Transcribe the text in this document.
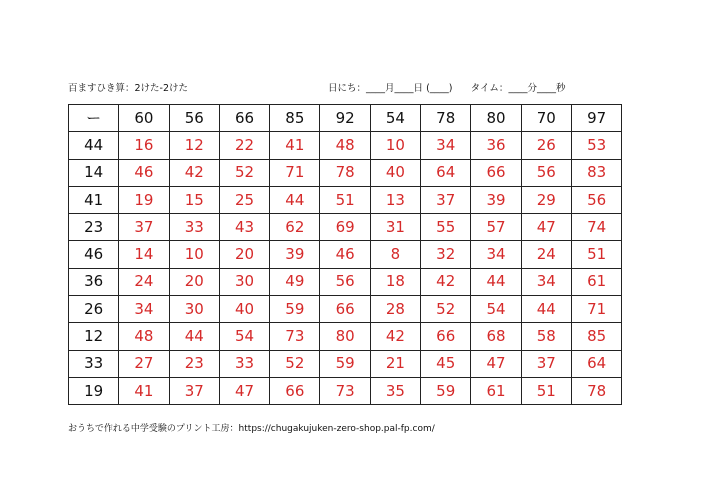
百ますひき算：2けた-2けた	日にち：____月____日 (____) タイム：____分____秒
ー	60	56	66	85	92	54	78	80	70	97
44	16	12	22	41	48	10	34	36	26	53
14	46	42	52	71	78	40	64	66	56	83
41	19	15	25	44	51	13	37	39	29	56
23	37	33	43	62	69	31	55	57	47	74
46	14	10	20	39	46	8	32	34	24	51
36	24	20	30	49	56	18	42	44	34	61
26	34	30	40	59	66	28	52	54	44	71
12	48	44	54	73	80	42	66	68	58	85
33	27	23	33	52	59	21	45	47	37	64
19	41	37	47	66	73	35	59	61	51	78
おうちで作れる中学受験のプリント工房：https://chugakujuken-zero-shop.pal-fp.com/
